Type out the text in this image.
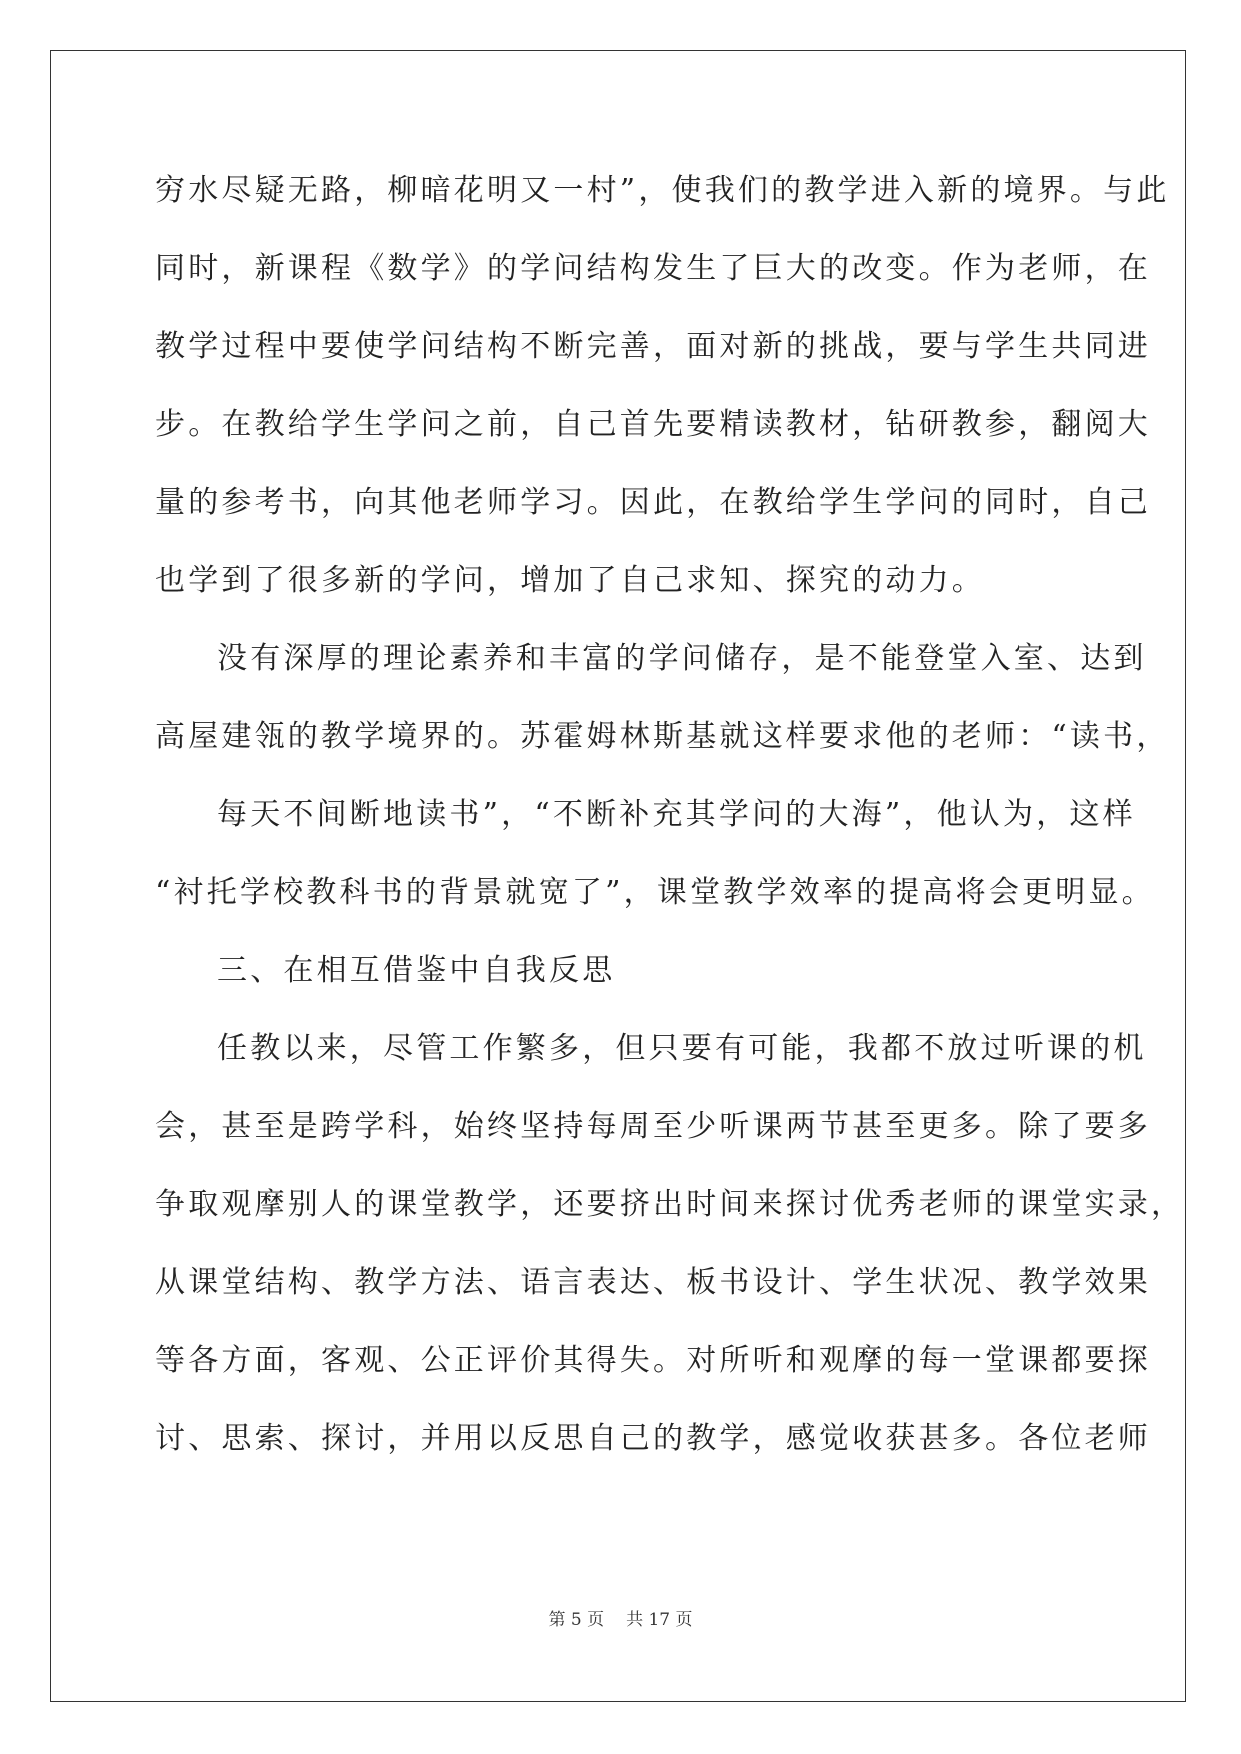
穷水尽疑无路，柳暗花明又一村”，使我们的教学进入新的境界。与此
同时，新课程《数学》的学问结构发生了巨大的改变。作为老师，在
教学过程中要使学问结构不断完善，面对新的挑战，要与学生共同进
步。在教给学生学问之前，自己首先要精读教材，钻研教参，翻阅大
量的参考书，向其他老师学习。因此，在教给学生学问的同时，自己
也学到了很多新的学问，增加了自己求知、探究的动力。
没有深厚的理论素养和丰富的学问储存，是不能登堂入室、达到
高屋建瓴的教学境界的。苏霍姆林斯基就这样要求他的老师：“读书，
每天不间断地读书”，“不断补充其学问的大海”，他认为，这样
“衬托学校教科书的背景就宽了”，课堂教学效率的提高将会更明显。
三、在相互借鉴中自我反思
任教以来，尽管工作繁多，但只要有可能，我都不放过听课的机
会，甚至是跨学科，始终坚持每周至少听课两节甚至更多。除了要多
争取观摩别人的课堂教学，还要挤出时间来探讨优秀老师的课堂实录，
从课堂结构、教学方法、语言表达、板书设计、学生状况、教学效果
等各方面，客观、公正评价其得失。对所听和观摩的每一堂课都要探
讨、思索、探讨，并用以反思自己的教学，感觉收获甚多。各位老师
第 5 页 共 17 页
